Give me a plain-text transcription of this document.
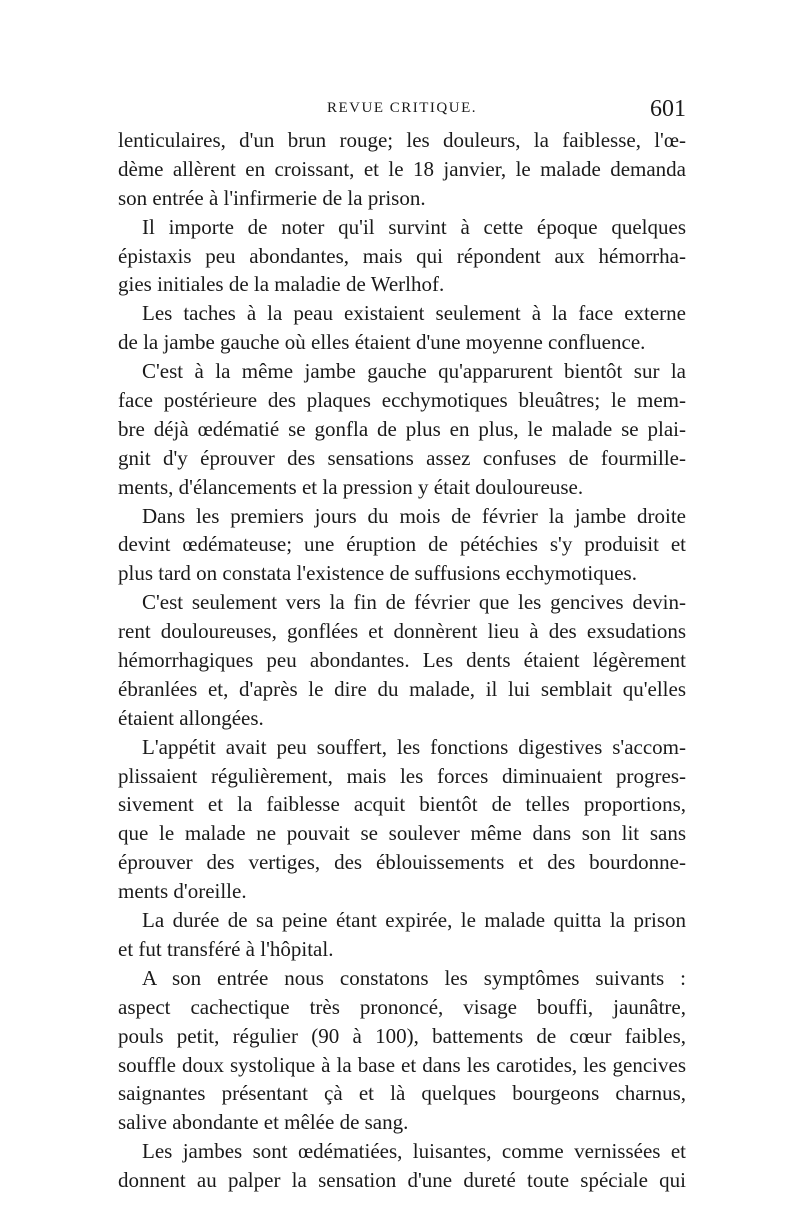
REVUE CRITIQUE.	601
lenticulaires, d'un brun rouge; les douleurs, la faiblesse, l'œ-
dème allèrent en croissant, et le 18 janvier, le malade demanda
son entrée à l'infirmerie de la prison.
Il importe de noter qu'il survint à cette époque quelques
épistaxis peu abondantes, mais qui répondent aux hémorrha-
gies initiales de la maladie de Werlhof.
Les taches à la peau existaient seulement à la face externe
de la jambe gauche où elles étaient d'une moyenne confluence.
C'est à la même jambe gauche qu'apparurent bientôt sur la
face postérieure des plaques ecchymotiques bleuâtres; le mem-
bre déjà œdématié se gonfla de plus en plus, le malade se plai-
gnit d'y éprouver des sensations assez confuses de fourmille-
ments, d'élancements et la pression y était douloureuse.
Dans les premiers jours du mois de février la jambe droite
devint œdémateuse; une éruption de pétéchies s'y produisit et
plus tard on constata l'existence de suffusions ecchymotiques.
C'est seulement vers la fin de février que les gencives devin-
rent douloureuses, gonflées et donnèrent lieu à des exsudations
hémorrhagiques peu abondantes. Les dents étaient légèrement
ébranlées et, d'après le dire du malade, il lui semblait qu'elles
étaient allongées.
L'appétit avait peu souffert, les fonctions digestives s'accom-
plissaient régulièrement, mais les forces diminuaient progres-
sivement et la faiblesse acquit bientôt de telles proportions,
que le malade ne pouvait se soulever même dans son lit sans
éprouver des vertiges, des éblouissements et des bourdonne-
ments d'oreille.
La durée de sa peine étant expirée, le malade quitta la prison
et fut transféré à l'hôpital.
A son entrée nous constatons les symptômes suivants :
aspect cachectique très prononcé, visage bouffi, jaunâtre,
pouls petit, régulier (90 à 100), battements de cœur faibles,
souffle doux systolique à la base et dans les carotides, les gencives
saignantes présentant çà et là quelques bourgeons charnus,
salive abondante et mêlée de sang.
Les jambes sont œdématiées, luisantes, comme vernissées et
donnent au palper la sensation d'une dureté toute spéciale qui
